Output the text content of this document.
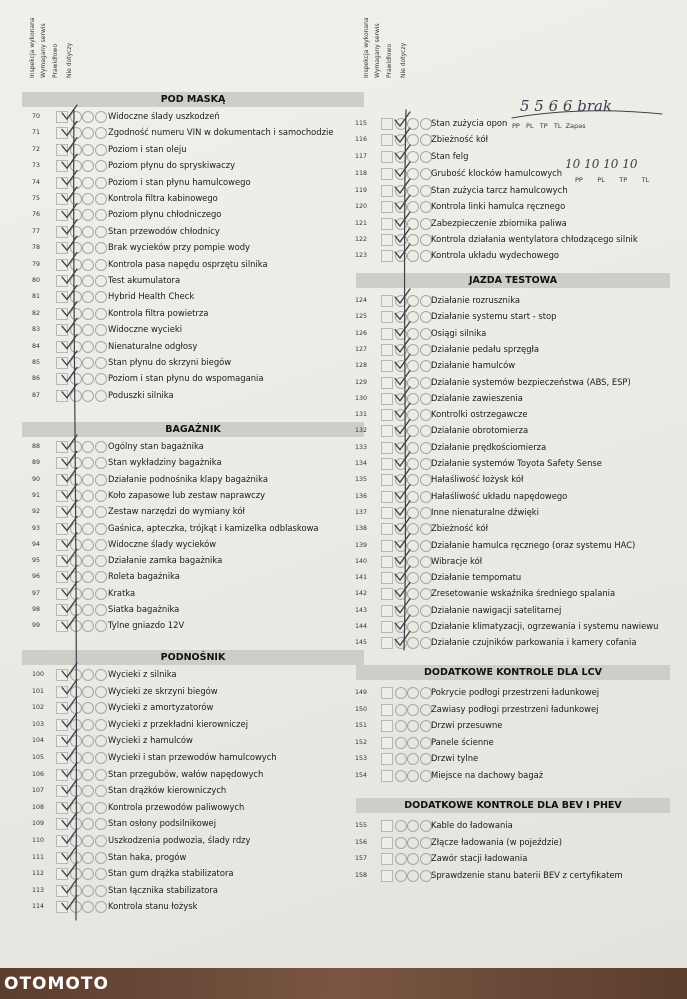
Inspekcja wykonana Wymagany serwis Prawidłowo Nie dotyczy	Inspekcja wykonana Wymagany serwis Prawidłowo Nie dotyczy
POD MASKĄ
70	Widoczne ślady uszkodzeń
71	Zgodność numeru VIN w dokumentach i samochodzie
72	Poziom i stan oleju
73	Poziom płynu do spryskiwaczy
74	Poziom i stan płynu hamulcowego
75	Kontrola filtra kabinowego
76	Poziom płynu chłodniczego
77	Stan przewodów chłodnicy
78	Brak wycieków przy pompie wody
79	Kontrola pasa napędu osprzętu silnika
80	Test akumulatora
81	Hybrid Health Check
82	Kontrola filtra powietrza
83	Widoczne wycieki
84	Nienaturalne odgłosy
85	Stan płynu do skrzyni biegów
86	Poziom i stan płynu do wspomagania
87	Poduszki silnika
BAGAŻNIK
88	Ogólny stan bagażnika
89	Stan wykładziny bagażnika
90	Działanie podnośnika klapy bagażnika
91	Koło zapasowe lub zestaw naprawczy
92	Zestaw narzędzi do wymiany kół
93	Gaśnica, apteczka, trójkąt i kamizelka odblaskowa
94	Widoczne ślady wycieków
95	Działanie zamka bagażnika
96	Roleta bagażnika
97	Kratka
98	Siatka bagażnika
99	Tylne gniazdo 12V
PODNOŚNIK
100	Wycieki z silnika
101	Wycieki ze skrzyni biegów
102	Wycieki z amortyzatorów
103	Wycieki z przekładni kierowniczej
104	Wycieki z hamulców
105	Wycieki i stan przewodów hamulcowych
106	Stan przegubów, wałów napędowych
107	Stan drążków kierowniczych
108	Kontrola przewodów paliwowych
109	Stan osłony podsilnikowej
110	Uszkodzenia podwozia, ślady rdzy
111	Stan haka, progów
112	Stan gum drążka stabilizatora
113	Stan łącznika stabilizatora
114	Kontrola stanu łożysk
115	Stan zużycia opon
116	Zbieżność kół
117	Stan felg
118	Grubość klocków hamulcowych
119	Stan zużycia tarcz hamulcowych
120	Kontrola linki hamulca ręcznego
121	Zabezpieczenie zbiornika paliwa
122	Kontrola działania wentylatora chłodzącego silnik
123	Kontrola układu wydechowego
JAZDA TESTOWA
124	Działanie rozrusznika
125	Działanie systemu start - stop
126	Osiągi silnika
127	Działanie pedału sprzęgła
128	Działanie hamulców
129	Działanie systemów bezpieczeństwa (ABS, ESP)
130	Działanie zawieszenia
131	Kontrolki ostrzegawcze
132	Działanie obrotomierza
133	Działanie prędkościomierza
134	Działanie systemów Toyota Safety Sense
135	Hałaśliwość łożysk kół
136	Hałaśliwość układu napędowego
137	Inne nienaturalne dźwięki
138	Zbieżność kół
139	Działanie hamulca ręcznego (oraz systemu HAC)
140	Wibracje kół
141	Działanie tempomatu
142	Zresetowanie wskaźnika średniego spalania
143	Działanie nawigacji satelitarnej
144	Działanie klimatyzacji, ogrzewania i systemu nawiewu
145	Działanie czujników parkowania i kamery cofania
DODATKOWE KONTROLE DLA LCV
149	Pokrycie podłogi przestrzeni ładunkowej
150	Zawiasy podłogi przestrzeni ładunkowej
151	Drzwi przesuwne
152	Panele ścienne
153	Drzwi tylne
154	Miejsce na dachowy bagaż
DODATKOWE KONTROLE DLA BEV I PHEV
155	Kable do ładowania
156	Złącze ładowania (w pojeździe)
157	Zawór stacji ładowania
158	Sprawdzenie stanu baterii BEV z certyfikatem
PP   PL   TP   TL  Zapas
PP       PL       TP       TL
5 5 6 6 brak
10 10 10 10
OTOMOTO
